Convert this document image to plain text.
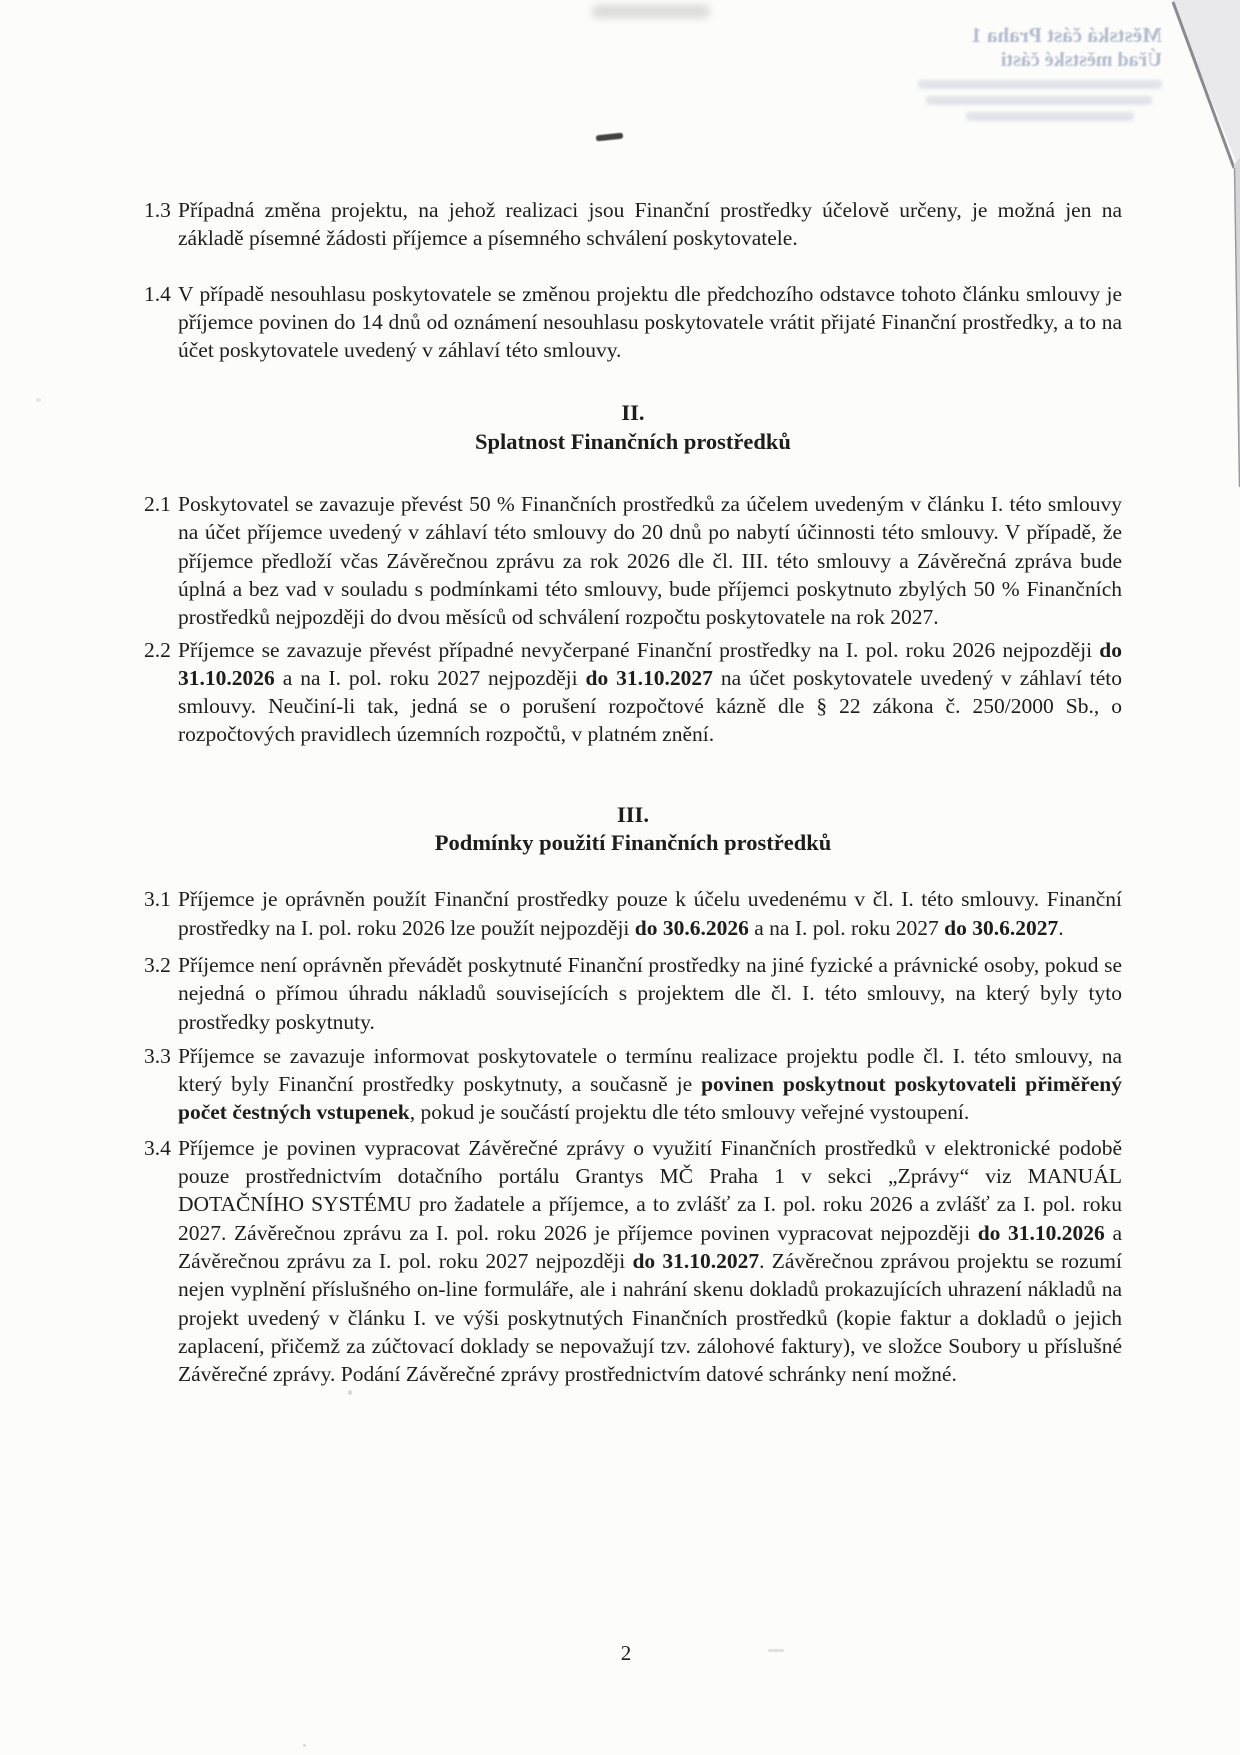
Městská část Praha 1
Úřad městské části
1.3 Případná změna projektu, na jehož realizaci jsou Finanční prostředky účelově určeny, je možná jen na základě písemné žádosti příjemce a písemného schválení poskytovatele.
1.4 V případě nesouhlasu poskytovatele se změnou projektu dle předchozího odstavce tohoto článku smlouvy je příjemce povinen do 14 dnů od oznámení nesouhlasu poskytovatele vrátit přijaté Finanční prostředky, a to na účet poskytovatele uvedený v záhlaví této smlouvy.
II.
Splatnost Finančních prostředků
2.1 Poskytovatel se zavazuje převést 50 % Finančních prostředků za účelem uvedeným v článku I. této smlouvy na účet příjemce uvedený v záhlaví této smlouvy do 20 dnů po nabytí účinnosti této smlouvy. V případě, že příjemce předloží včas Závěrečnou zprávu za rok 2026 dle čl. III. této smlouvy a Závěrečná zpráva bude úplná a bez vad v souladu s podmínkami této smlouvy, bude příjemci poskytnuto zbylých 50 % Finančních prostředků nejpozději do dvou měsíců od schválení rozpočtu poskytovatele na rok 2027.
2.2 Příjemce se zavazuje převést případné nevyčerpané Finanční prostředky na I. pol. roku 2026 nejpozději do 31.10.2026 a na I. pol. roku 2027 nejpozději do 31.10.2027 na účet poskytovatele uvedený v záhlaví této smlouvy. Neučiní-li tak, jedná se o porušení rozpočtové kázně dle § 22 zákona č. 250/2000 Sb., o rozpočtových pravidlech územních rozpočtů, v platném znění.
III.
Podmínky použití Finančních prostředků
3.1 Příjemce je oprávněn použít Finanční prostředky pouze k účelu uvedenému v čl. I. této smlouvy. Finanční prostředky na I. pol. roku 2026 lze použít nejpozději do 30.6.2026 a na I. pol. roku 2027 do 30.6.2027.
3.2 Příjemce není oprávněn převádět poskytnuté Finanční prostředky na jiné fyzické a právnické osoby, pokud se nejedná o přímou úhradu nákladů souvisejících s projektem dle čl. I. této smlouvy, na který byly tyto prostředky poskytnuty.
3.3 Příjemce se zavazuje informovat poskytovatele o termínu realizace projektu podle čl. I. této smlouvy, na který byly Finanční prostředky poskytnuty, a současně je povinen poskytnout poskytovateli přiměřený počet čestných vstupenek, pokud je součástí projektu dle této smlouvy veřejné vystoupení.
3.4 Příjemce je povinen vypracovat Závěrečné zprávy o využití Finančních prostředků v elektronické podobě pouze prostřednictvím dotačního portálu Grantys MČ Praha 1 v sekci „Zprávy“ viz MANUÁL DOTAČNÍHO SYSTÉMU pro žadatele a příjemce, a to zvlášť za I. pol. roku 2026 a zvlášť za I. pol. roku 2027. Závěrečnou zprávu za I. pol. roku 2026 je příjemce povinen vypracovat nejpozději do 31.10.2026 a Závěrečnou zprávu za I. pol. roku 2027 nejpozději do 31.10.2027. Závěrečnou zprávou projektu se rozumí nejen vyplnění příslušného on-line formuláře, ale i nahrání skenu dokladů prokazujících uhrazení nákladů na projekt uvedený v článku I. ve výši poskytnutých Finančních prostředků (kopie faktur a dokladů o jejich zaplacení, přičemž za zúčtovací doklady se nepovažují tzv. zálohové faktury), ve složce Soubory u příslušné Závěrečné zprávy. Podání Závěrečné zprávy prostřednictvím datové schránky není možné.
2
